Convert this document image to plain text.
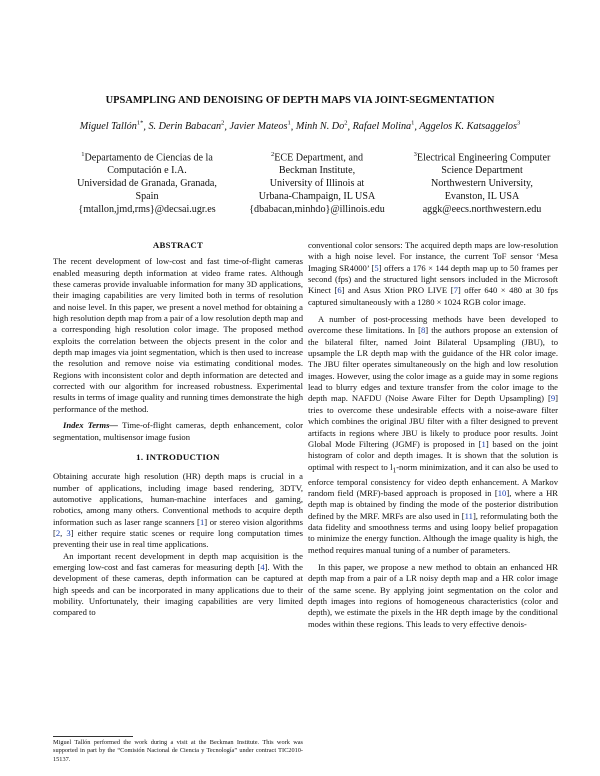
UPSAMPLING AND DENOISING OF DEPTH MAPS VIA JOINT-SEGMENTATION
Miguel Tallón$^{1*}$, S. Derin Babacan$^2$, Javier Mateos$^1$, Minh N. Do$^2$, Rafael Molina$^1$, Aggelos K. Katsaggelos$^3$
$^1$Departamento de Ciencias de la
Computación e I.A.
Universidad de Granada, Granada,
Spain
{mtallon,jmd,rms}@decsai.ugr.es
$^2$ECE Department, and
Beckman Institute,
University of Illinois at
Urbana-Champaign, IL USA
{dbabacan,minhdo}@illinois.edu
$^3$Electrical Engineering Computer
Science Department
Northwestern University,
Evanston, IL USA
aggk@eecs.northwestern.edu

ABSTRACT

The recent development of low-cost and fast time-of-flight cameras enabled measuring depth information at video frame rates. Although these cameras provide invaluable information for many 3D applications, their imaging capabilities are very limited both in terms of resolution and noise level. In this paper, we present a novel method for obtaining a high resolution depth map from a pair of a low resolution depth map and a corresponding high resolution color image. The proposed method exploits the correlation between the objects present in the color and depth map images via joint segmentation, which is then used to increase the resolution and remove noise via estimating conditional modes. Regions with inconsistent color and depth information are detected and corrected with our algorithm for increased robustness. Experimental results in terms of image quality and running times demonstrate the high performance of the method.

Index Terms— Time-of-flight cameras, depth enhancement, color segmentation, multisensor image fusion

1. INTRODUCTION

Obtaining accurate high resolution (HR) depth maps is crucial in a number of applications, including image based rendering, 3DTV, automotive applications, human-machine interfaces and gaming, robotics, among many others. Conventional methods to acquire depth information such as laser range scanners [1] or stereo vision algorithms [2, 3] either require static scenes or require long computation times preventing their use in real time applications.

An important recent development in depth map acquisition is the emerging low-cost and fast cameras for measuring depth [4]. With the development of these cameras, depth information can be captured at high speeds and can be incorporated in many applications due to their mobility. Unfortunately, their imaging capabilities are very limited compared to

Miguel Tallón performed the work during a visit at the Beckman Institute. This work was supported in part by the “Comisión Nacional de Ciencia y Tecnología” under contract TIC2010-15137.

conventional color sensors: The acquired depth maps are low-resolution with a high noise level. For instance, the current ToF sensor ‘Mesa Imaging SR4000’ [5] offers a 176 × 144 depth map up to 50 frames per second (fps) and the structured light sensors included in the Microsoft Kinect [6] and Asus Xtion PRO LIVE [7] offer 640 × 480 at 30 fps captured simultaneously with a 1280 × 1024 RGB color image.

A number of post-processing methods have been developed to overcome these limitations. In [8] the authors propose an extension of the bilateral filter, named Joint Bilateral Upsampling (JBU), to upsample the LR depth map with the guidance of the HR color image. The JBU filter operates simultaneously on the high and low resolution images. However, using the color image as a guide may in some regions lead to blurry edges and texture transfer from the color image to the depth map. NAFDU (Noise Aware Filter for Depth Upsampling) [9] tries to overcome these undesirable effects with a noise-aware filter which combines the original JBU filter with a filter designed to prevent artifacts in regions where JBU is likely to produce poor results. Joint Global Mode Filtering (JGMF) is proposed in [1] based on the joint histogram of color and depth images. It is shown that the solution is optimal with respect to $l_1$-norm minimization, and it can also be used to enforce temporal consistency for video depth enhancement. A Markov random field (MRF)-based approach is proposed in [10], where a HR depth map is obtained by finding the mode of the posterior distribution defined by the MRF. MRFs are also used in [11], reformulating both the data fidelity and smoothness terms and using loopy belief propagation to minimize the energy function. Although the image quality is high, the method requires manual tuning of a number of parameters.

In this paper, we propose a new method to obtain an enhanced HR depth map from a pair of a LR noisy depth map and a HR color image of the same scene. By applying joint segmentation on the color and depth images into regions of homogeneous characteristics (color and depth), we estimate the pixels in the HR depth image by the conditional modes within these regions. This leads to very effective denois-
